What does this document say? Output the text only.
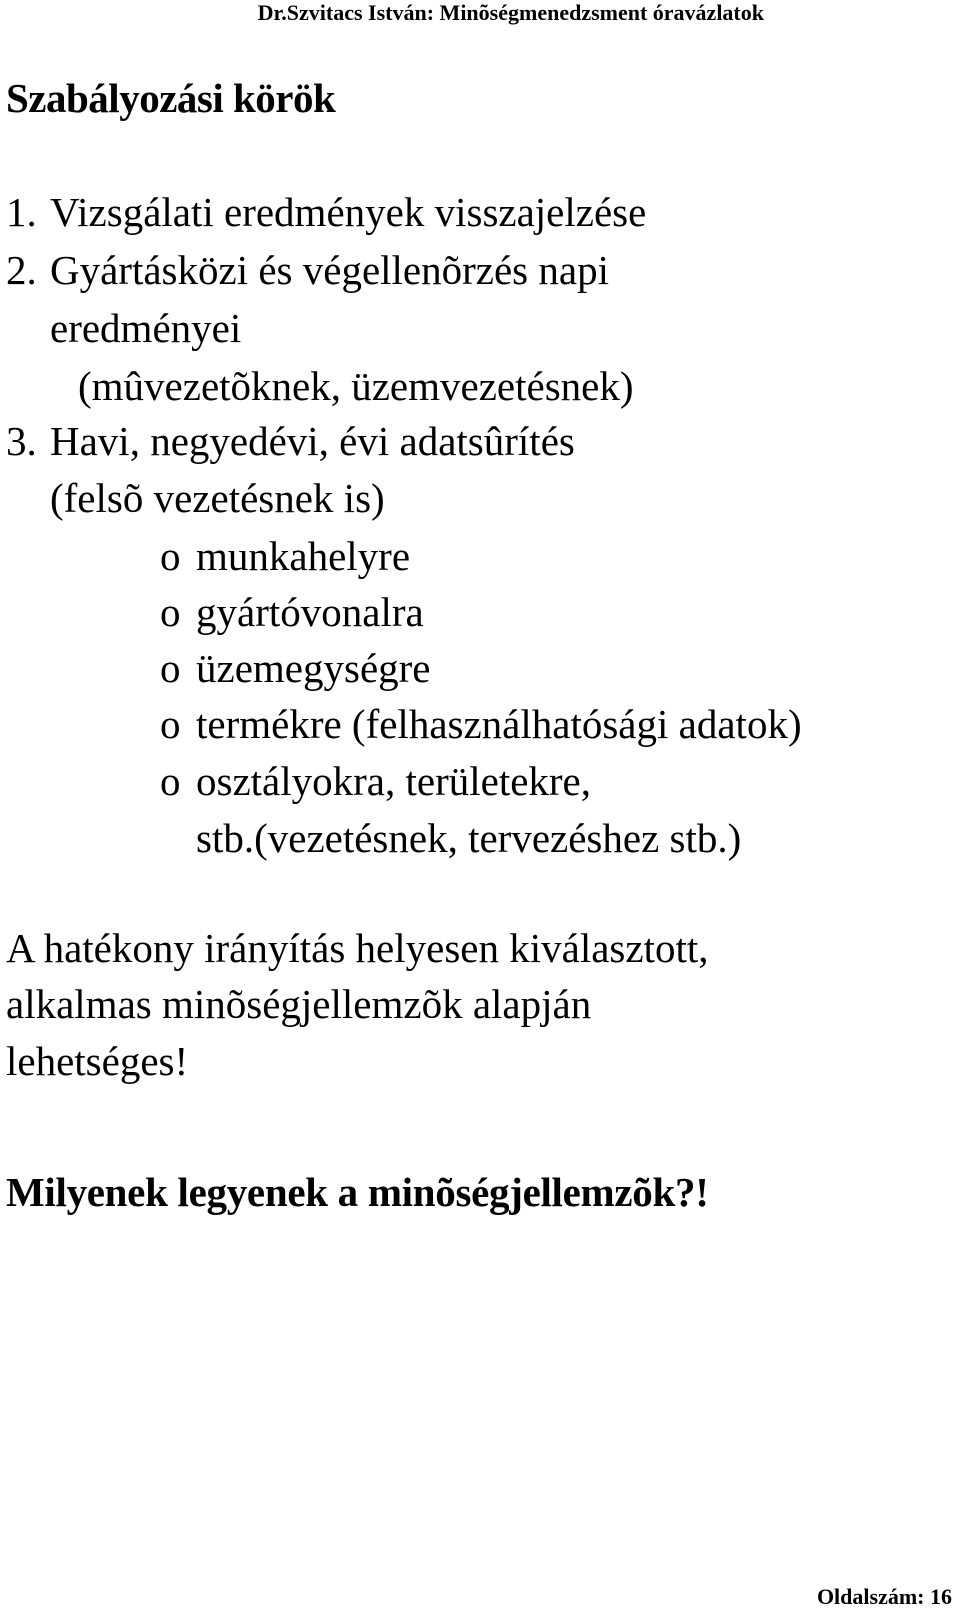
Dr.Szvitacs István: Minõségmenedzsment óravázlatok
Szabályozási körök
1. Vizsgálati eredmények visszajelzése
2. Gyártásközi és végellenõrzés napi
eredményei
(mûvezetõknek, üzemvezetésnek)
3. Havi, negyedévi, évi adatsûrítés
(felsõ vezetésnek is)
o munkahelyre
o gyártóvonalra
o üzemegységre
o termékre (felhasználhatósági adatok)
o osztályokra, területekre,
stb.(vezetésnek, tervezéshez stb.)
A hatékony irányítás helyesen kiválasztott,
alkalmas minõségjellemzõk alapján
lehetséges!
Milyenek legyenek a minõségjellemzõk?!
Oldalszám: 16
